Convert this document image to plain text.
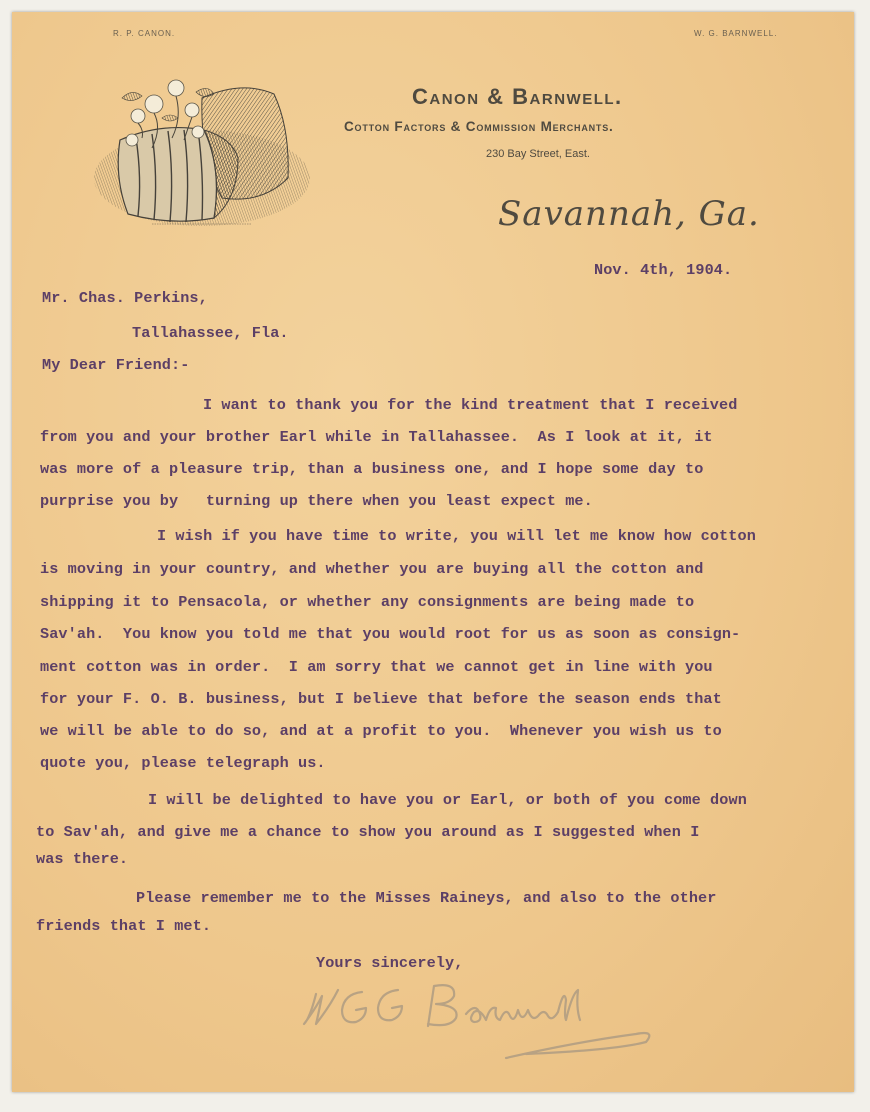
R. P. CANON.	W. G. BARNWELL.
Canon & Barnwell.
Cotton Factors & Commission Merchants.
230 Bay Street, East.
Savannah, Ga.
Nov. 4th, 1904.
Mr. Chas. Perkins,
Tallahassee, Fla.
My Dear Friend:-
I want to thank you for the kind treatment that I received
from you and your brother Earl while in Tallahassee.  As I look at it, it
was more of a pleasure trip, than a business one, and I hope some day to
purprise you by   turning up there when you least expect me.
I wish if you have time to write, you will let me know how cotton
is moving in your country, and whether you are buying all the cotton and
shipping it to Pensacola, or whether any consignments are being made to
Sav'ah.  You know you told me that you would root for us as soon as consign-
ment cotton was in order.  I am sorry that we cannot get in line with you
for your F. O. B. business, but I believe that before the season ends that
we will be able to do so, and at a profit to you.  Whenever you wish us to
quote you, please telegraph us.
I will be delighted to have you or Earl, or both of you come down
to Sav'ah, and give me a chance to show you around as I suggested when I
was there.
Please remember me to the Misses Raineys, and also to the other
friends that I met.
Yours sincerely,
